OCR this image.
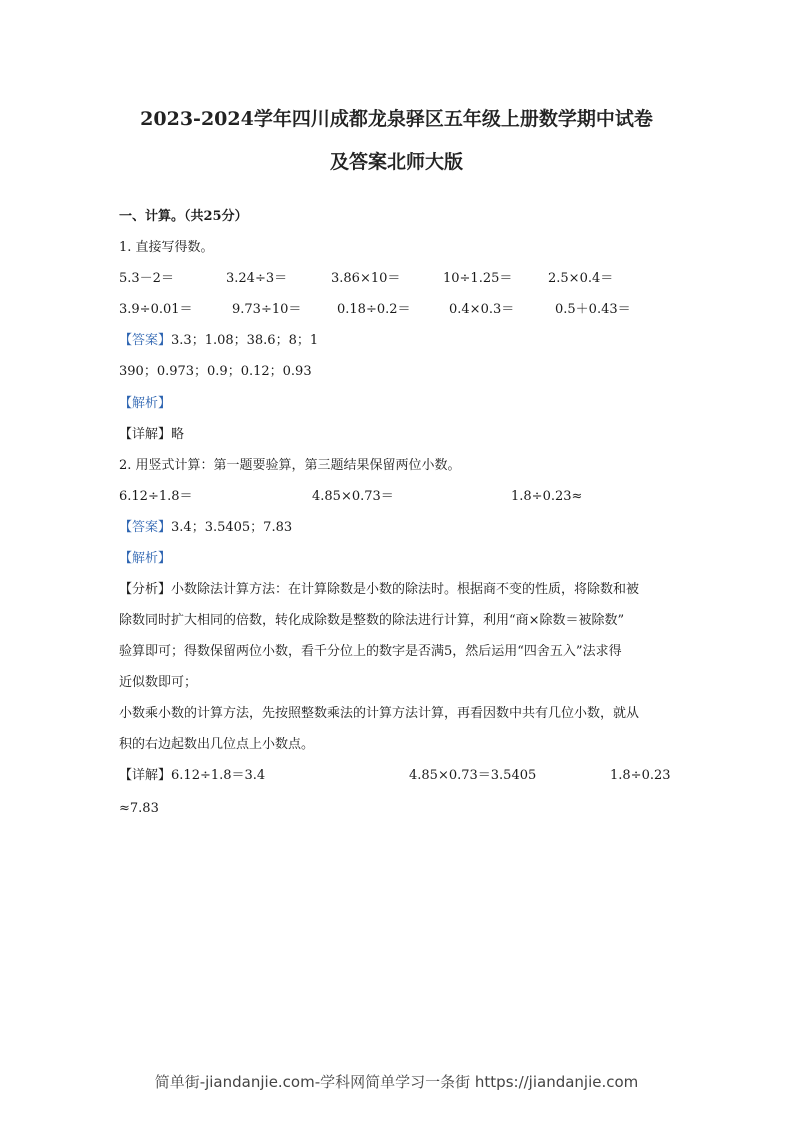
2023-2024学年四川成都龙泉驿区五年级上册数学期中试卷
及答案北师大版
一、计算。（共25分）
1. 直接写得数。
5.3－2＝	3.24÷3＝	3.86×10＝	10÷1.25＝	2.5×0.4＝
3.9÷0.01＝	9.73÷10＝	0.18÷0.2＝	0.4×0.3＝	0.5＋0.43＝
【答案】3.3；1.08；38.6；8；1
390；0.973；0.9；0.12；0.93
【解析】
【详解】略
2. 用竖式计算：第一题要验算，第三题结果保留两位小数。
6.12÷1.8＝	4.85×0.73＝	1.8÷0.23≈
【答案】3.4；3.5405；7.83
【解析】
【分析】小数除法计算方法：在计算除数是小数的除法时。根据商不变的性质，将除数和被
除数同时扩大相同的倍数，转化成除数是整数的除法进行计算，利用“商×除数＝被除数”
验算即可；得数保留两位小数，看千分位上的数字是否满5，然后运用“四舍五入”法求得
近似数即可；
小数乘小数的计算方法，先按照整数乘法的计算方法计算，再看因数中共有几位小数，就从
积的右边起数出几位点上小数点。
【详解】6.12÷1.8＝3.4	4.85×0.73＝3.5405	1.8÷0.23
≈7.83
简单街-jiandanjie.com-学科网简单学习一条街 https://jiandanjie.com
